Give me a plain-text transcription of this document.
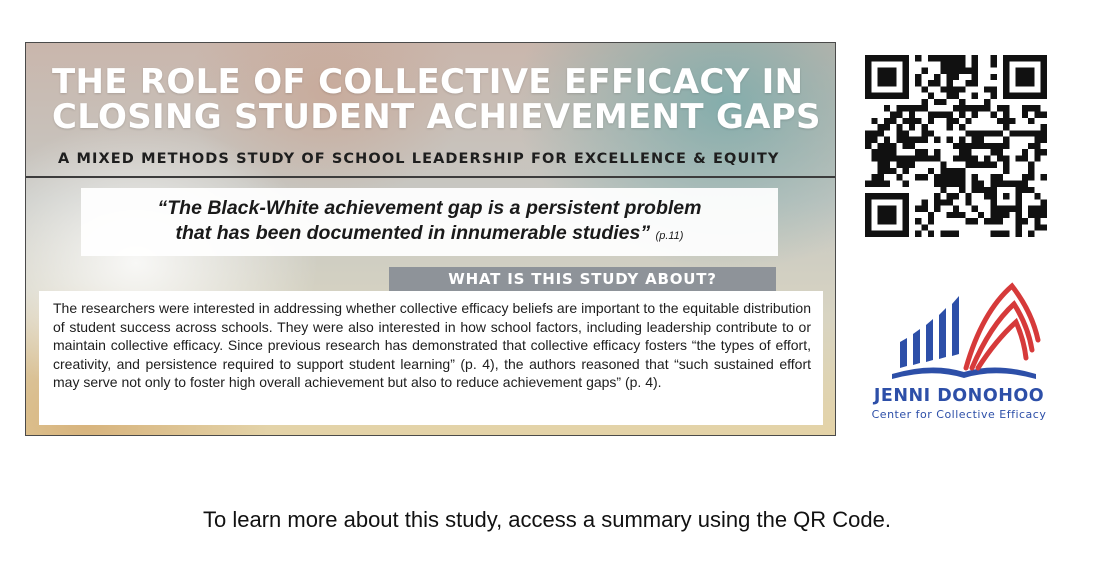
THE ROLE OF COLLECTIVE EFFICACY IN
CLOSING STUDENT ACHIEVEMENT GAPS

A MIXED METHODS STUDY OF SCHOOL LEADERSHIP FOR EXCELLENCE & EQUITY

“The Black-White achievement gap is a persistent problem
that has been documented in innumerable studies” (p.11)
WHAT IS THIS STUDY ABOUT?

The researchers were interested in addressing whether collective efficacy beliefs are important to the equitable distribution of student success across schools. They were also interested in how school factors, including leadership contribute to or maintain collective efficacy. Since previous research has demonstrated that collective efficacy fosters “the types of effort, creativity, and persistence required to support student learning” (p. 4), the authors reasoned that “such sustained effort may serve not only to foster high overall achievement but also to reduce achievement gaps” (p. 4).

JENNI DONOHOO
Center for Collective Efficacy
To learn more about this study, access a summary using the QR Code.
